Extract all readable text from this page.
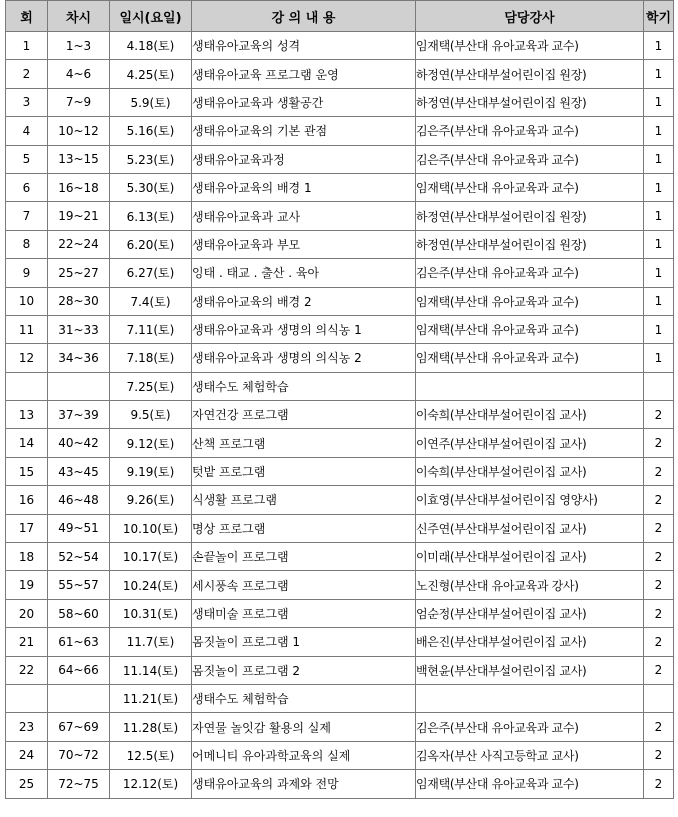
회	차시	일시(요일)	강 의 내 용	담당강사	학기
1	1~3	4.18(토)	생태유아교육의 성격	임재택(부산대 유아교육과 교수)	1
2	4~6	4.25(토)	생태유아교육 프로그램 운영	하정연(부산대부설어린이집 원장)	1
3	7~9	5.9(토)	생태유아교육과 생활공간	하정연(부산대부설어린이집 원장)	1
4	10~12	5.16(토)	생태유아교육의 기본 관점	김은주(부산대 유아교육과 교수)	1
5	13~15	5.23(토)	생태유아교육과정	김은주(부산대 유아교육과 교수)	1
6	16~18	5.30(토)	생태유아교육의 배경 1	임재택(부산대 유아교육과 교수)	1
7	19~21	6.13(토)	생태유아교육과 교사	하정연(부산대부설어린이집 원장)	1
8	22~24	6.20(토)	생태유아교육과 부모	하정연(부산대부설어린이집 원장)	1
9	25~27	6.27(토)	잉태 . 태교 . 출산 . 육아	김은주(부산대 유아교육과 교수)	1
10	28~30	7.4(토)	생태유아교육의 배경 2	임재택(부산대 유아교육과 교수)	1
11	31~33	7.11(토)	생태유아교육과 생명의 의식농 1	임재택(부산대 유아교육과 교수)	1
12	34~36	7.18(토)	생태유아교육과 생명의 의식농 2	임재택(부산대 유아교육과 교수)	1
		7.25(토)	생태수도 체험학습		
13	37~39	9.5(토)	자연건강 프로그램	이숙희(부산대부설어린이집 교사)	2
14	40~42	9.12(토)	산책 프로그램	이연주(부산대부설어린이집 교사)	2
15	43~45	9.19(토)	텃밭 프로그램	이숙희(부산대부설어린이집 교사)	2
16	46~48	9.26(토)	식생활 프로그램	이효영(부산대부설어린이집 영양사)	2
17	49~51	10.10(토)	명상 프로그램	신주연(부산대부설어린이집 교사)	2
18	52~54	10.17(토)	손끝놀이 프로그램	이미래(부산대부설어린이집 교사)	2
19	55~57	10.24(토)	세시풍속 프로그램	노진형(부산대 유아교육과 강사)	2
20	58~60	10.31(토)	생태미술 프로그램	엄순정(부산대부설어린이집 교사)	2
21	61~63	11.7(토)	몸짓놀이 프로그램 1	배은진(부산대부설어린이집 교사)	2
22	64~66	11.14(토)	몸짓놀이 프로그램 2	백현윤(부산대부설어린이집 교사)	2
		11.21(토)	생태수도 체험학습		
23	67~69	11.28(토)	자연물 놀잇감 활용의 실제	김은주(부산대 유아교육과 교수)	2
24	70~72	12.5(토)	어메니티 유아과학교육의 실제	김옥자(부산 사직고등학교 교사)	2
25	72~75	12.12(토)	생태유아교육의 과제와 전망	임재택(부산대 유아교육과 교수)	2
